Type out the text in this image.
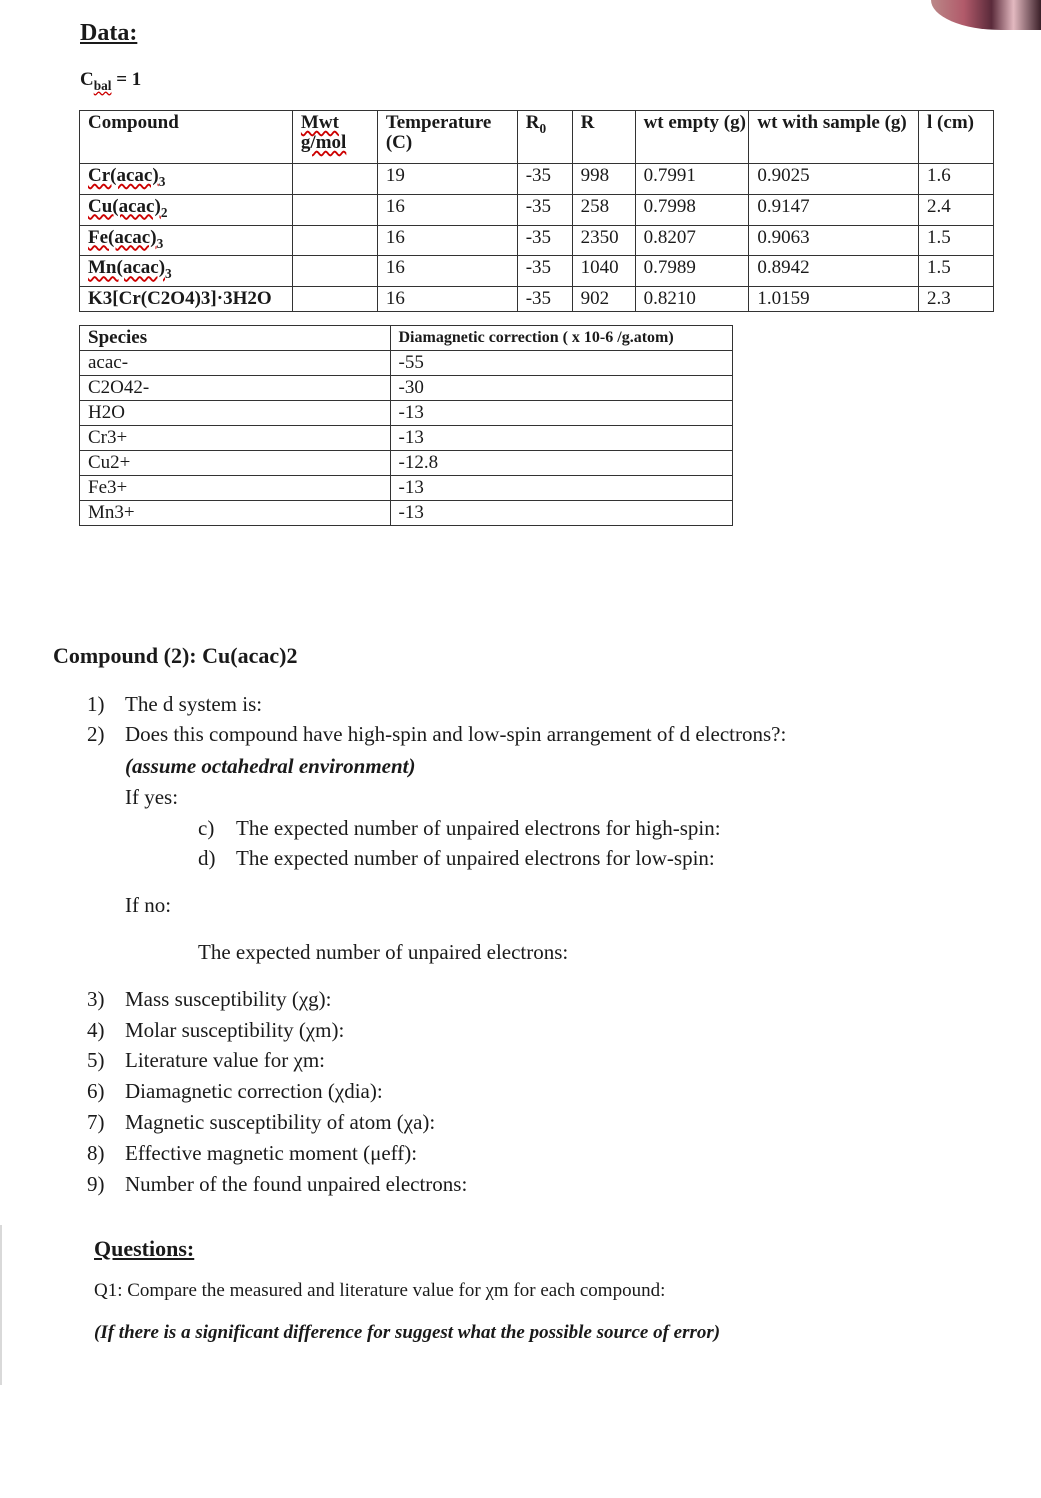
Data:
$C_{bal} = 1$
Compound	Mwt g/mol	Temperature (C)	$R_0$	R	wt empty (g)	wt with sample (g)	l (cm)
$Cr(acac)_3$		19	-35	998	0.7991	0.9025	1.6
$Cu(acac)_2$		16	-35	258	0.7998	0.9147	2.4
$Fe(acac)_3$		16	-35	2350	0.8207	0.9063	1.5
$Mn(acac)_3$		16	-35	1040	0.7989	0.8942	1.5
K3[Cr(C2O4)3]·3H2O		16	-35	902	0.8210	1.0159	2.3
Species	Diamagnetic correction ( x 10-6 /g.atom)
acac-	-55
C2O42-	-30
H2O	-13
Cr3+	-13
Cu2+	-12.8
Fe3+	-13
Mn3+	-13
Compound (2): Cu(acac)2
1) The d system is:
2) Does this compound have high-spin and low-spin arrangement of d electrons?:
(assume octahedral environment)
If yes:
c) The expected number of unpaired electrons for high-spin:
d) The expected number of unpaired electrons for low-spin:
If no:
The expected number of unpaired electrons:
3) Mass susceptibility (χg):
4) Molar susceptibility (χm):
5) Literature value for χm:
6) Diamagnetic correction (χdia):
7) Magnetic susceptibility of atom (χa):
8) Effective magnetic moment (μeff):
9) Number of the found unpaired electrons:
Questions:
Q1: Compare the measured and literature value for χm for each compound:
(If there is a significant difference for suggest what the possible source of error)
